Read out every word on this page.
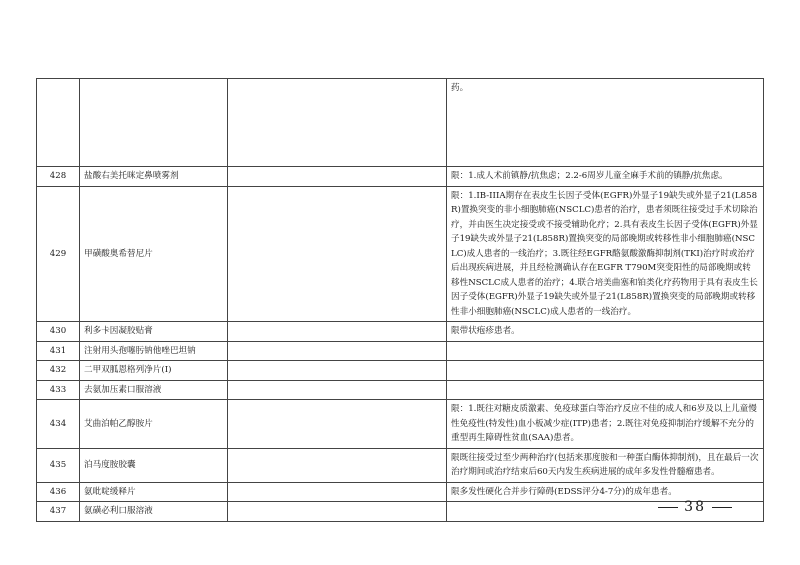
			药。
428	盐酸右美托咪定鼻喷雾剂		限：1.成人术前镇静/抗焦虑；2.2-6周岁儿童全麻手术前的镇静/抗焦虑。
429	甲磺酸奥希替尼片		限：1.IB-IIIA期存在表皮生长因子受体(EGFR)外显子19缺失或外显子21(L858R)置换突变的非小细胞肺癌(NSCLC)患者的治疗，患者须既往接受过手术切除治疗，并由医生决定接受或不接受辅助化疗；2.具有表皮生长因子受体(EGFR)外显子19缺失或外显子21(L858R)置换突变的局部晚期或转移性非小细胞肺癌(NSCLC)成人患者的一线治疗；3.既往经EGFR酪氨酸激酶抑制剂(TKI)治疗时或治疗后出现疾病进展，并且经检测确认存在EGFR T790M突变阳性的局部晚期或转移性NSCLC成人患者的治疗；4.联合培美曲塞和铂类化疗药物用于具有表皮生长因子受体(EGFR)外显子19缺失或外显子21(L858R)置换突变的局部晚期或转移性非小细胞肺癌(NSCLC)成人患者的一线治疗。
430	利多卡因凝胶贴膏		限带状疱疹患者。
431	注射用头孢噻肟钠他唑巴坦钠		
432	二甲双胍恩格列净片(Ⅰ)		
433	去氨加压素口服溶液		
434	艾曲泊帕乙醇胺片		限：1.既往对糖皮质激素、免疫球蛋白等治疗反应不佳的成人和6岁及以上儿童慢性免疫性(特发性)血小板减少症(ITP)患者；2.既往对免疫抑制治疗缓解不充分的重型再生障碍性贫血(SAA)患者。
435	泊马度胺胶囊		限既往接受过至少两种治疗(包括来那度胺和一种蛋白酶体抑制剂)，且在最后一次治疗期间或治疗结束后60天内发生疾病进展的成年多发性骨髓瘤患者。
436	氨吡啶缓释片		限多发性硬化合并步行障碍(EDSS评分4-7分)的成年患者。
437	氨磺必利口服溶液			38
